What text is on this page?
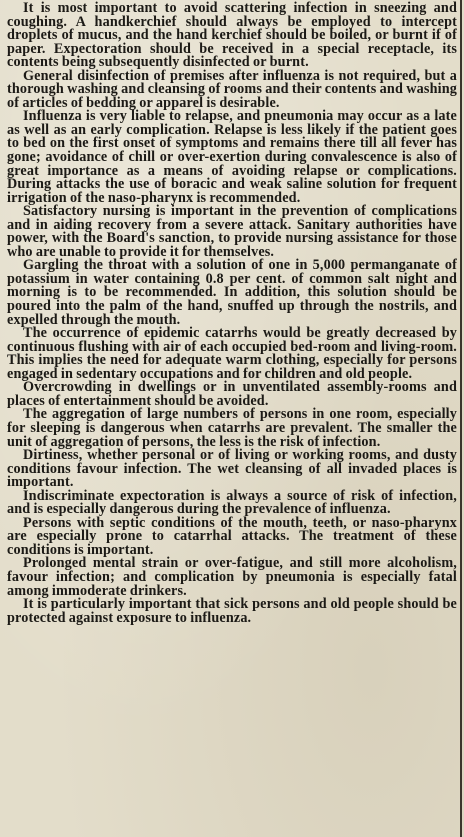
It is most important to avoid scattering infection in sneezing and coughing. A handkerchief should always be employed to intercept droplets of mucus, and the hand kerchief should be boiled, or burnt if of paper. Expectoration should be received in a special receptacle, its contents being subsequently disinfected or burnt.

General disinfection of premises after influenza is not required, but a thorough washing and cleansing of rooms and their contents and washing of articles of bedding or apparel is desirable.

Influenza is very liable to relapse, and pneumonia may occur as a late as well as an early complication. Relapse is less likely if the patient goes to bed on the first onset of symptoms and remains there till all fever has gone; avoidance of chill or over-exertion during convalescence is also of great importance as a means of avoiding relapse or complications. During attacks the use of boracic and weak saline solution for frequent irrigation of the naso-pharynx is recommended.

Satisfactory nursing is important in the prevention of complications and in aiding recovery from a severe attack. Sanitary authorities have power, with the Board's sanction, to provide nursing assistance for those who are unable to provide it for themselves.

Gargling the throat with a solution of one in 5,000 permanganate of potassium in water containing 0.8 per cent. of common salt night and morning is to be recommended. In addition, this solution should be poured into the palm of the hand, snuffed up through the nostrils, and expelled through the mouth.

The occurrence of epidemic catarrhs would be greatly decreased by continuous flushing with air of each occupied bed-room and living-room. This implies the need for adequate warm clothing, especially for persons engaged in sedentary occupations and for children and old people.

Overcrowding in dwellings or in unventilated assembly-rooms and places of entertainment should be avoided.

The aggregation of large numbers of persons in one room, especially for sleeping is dangerous when catarrhs are prevalent. The smaller the unit of aggregation of persons, the less is the risk of infection.

Dirtiness, whether personal or of living or working rooms, and dusty conditions favour infection. The wet cleansing of all invaded places is important.

Indiscriminate expectoration is always a source of risk of infection, and is especially dangerous during the prevalence of influenza.

Persons with septic conditions of the mouth, teeth, or naso-pharynx are especially prone to catarrhal attacks. The treatment of these conditions is important.

Prolonged mental strain or over-fatigue, and still more alcoholism, favour infection; and complication by pneumonia is especially fatal among immoderate drinkers.

It is particularly important that sick persons and old people should be protected against exposure to influenza.
